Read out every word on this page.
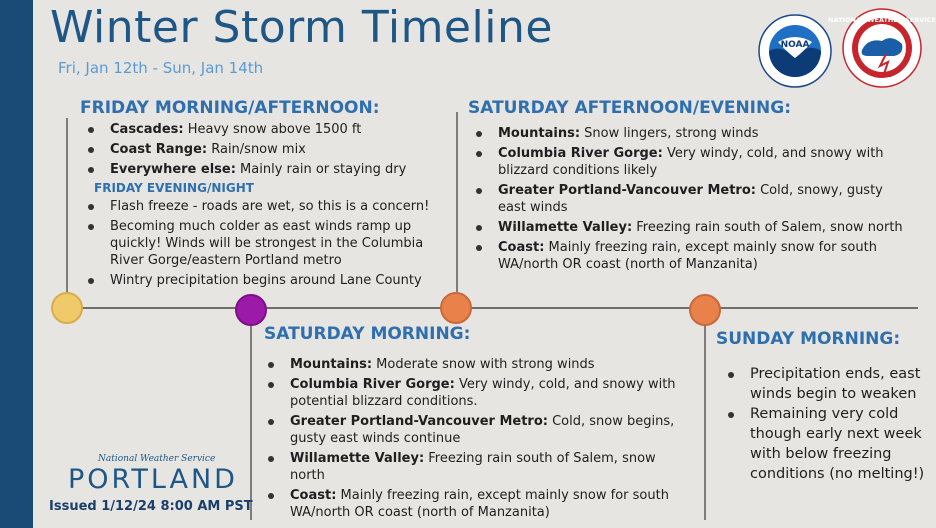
Winter Storm Timeline
Fri, Jan 12th - Sun, Jan 14th
NOAA
NATIONAL WEATHER SERVICE
FRIDAY MORNING/AFTERNOON:
Cascades: Heavy snow above 1500 ft
Coast Range: Rain/snow mix
Everywhere else: Mainly rain or staying dry
FRIDAY EVENING/NIGHT
Flash freeze - roads are wet, so this is a concern!
Becoming much colder as east winds ramp up quickly! Winds will be strongest in the Columbia River Gorge/eastern Portland metro
Wintry precipitation begins around Lane County
SATURDAY AFTERNOON/EVENING:
Mountains: Snow lingers, strong winds
Columbia River Gorge: Very windy, cold, and snowy with blizzard conditions likely
Greater Portland-Vancouver Metro: Cold, snowy, gusty east winds
Willamette Valley: Freezing rain south of Salem, snow north
Coast: Mainly freezing rain, except mainly snow for south WA/north OR coast (north of Manzanita)
SATURDAY MORNING:
Mountains: Moderate snow with strong winds
Columbia River Gorge: Very windy, cold, and snowy with potential blizzard conditions.
Greater Portland-Vancouver Metro: Cold, snow begins, gusty east winds continue
Willamette Valley: Freezing rain south of Salem, snow north
Coast: Mainly freezing rain, except mainly snow for south WA/north OR coast (north of Manzanita)
SUNDAY MORNING:
Precipitation ends, east winds begin to weaken
Remaining very cold though early next week with below freezing conditions (no melting!)
National Weather Service
PORTLAND
Issued 1/12/24 8:00 AM PST
